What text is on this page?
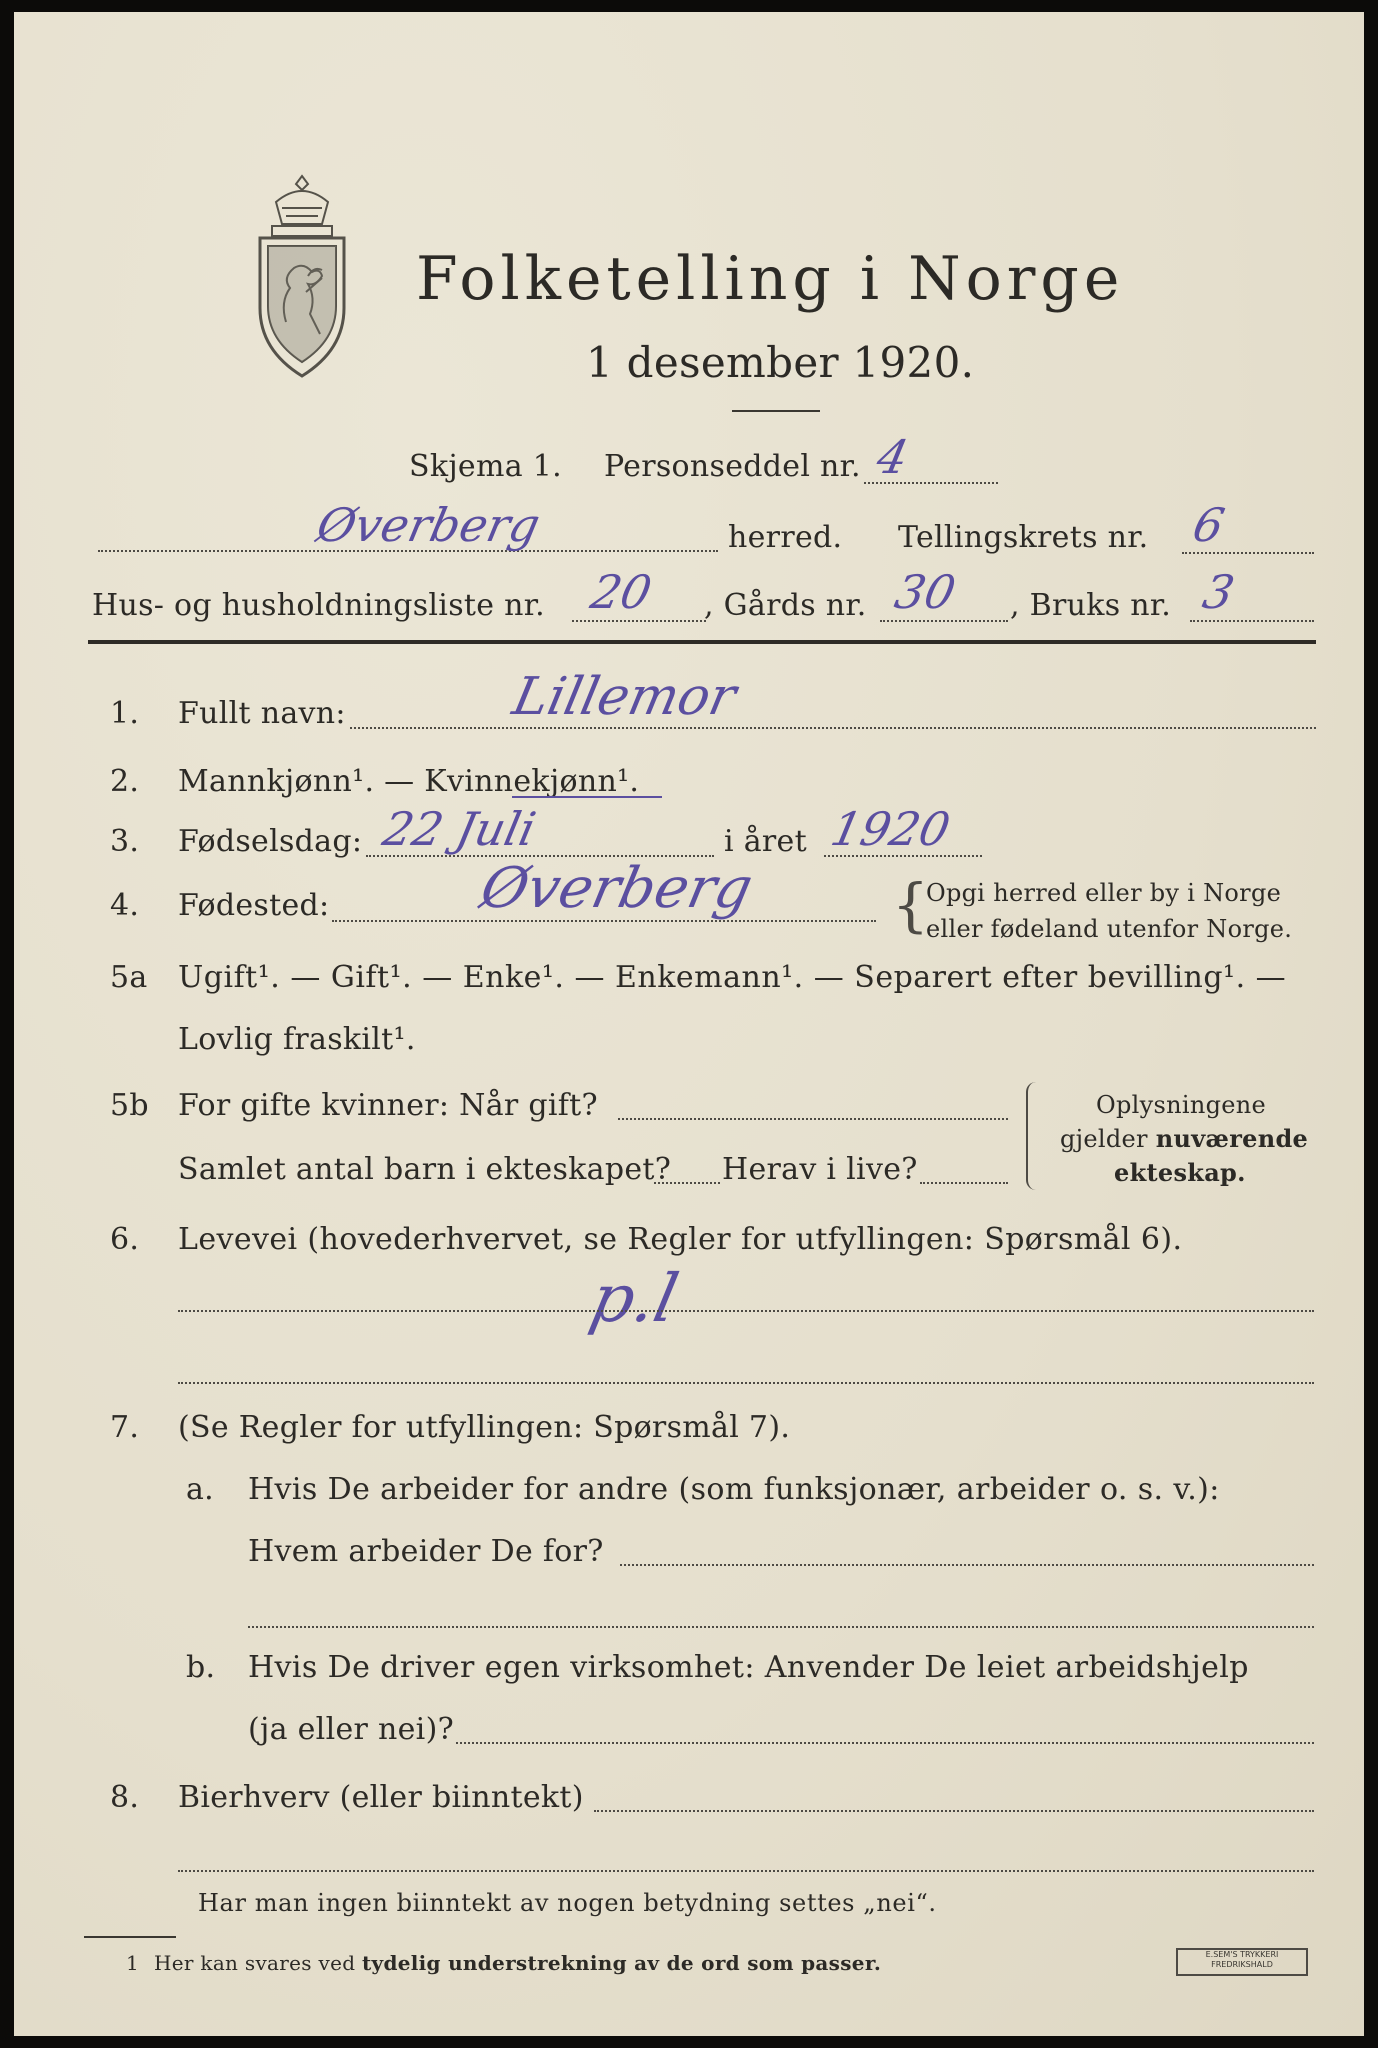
Folketelling i Norge
1 desember 1920.
Skjema 1. Personseddel nr. 4
Øverberg	herred. Tellingskrets nr. 6
Hus- og husholdningsliste nr. 20 , Gårds nr. 30 , Bruks nr. 3
1. Fullt navn:	Lillemor
2. Mannkjønn¹. — Kvinnekjønn¹.
3. Fødselsdag: 22 Juli	i året 1920
4. Fødested:	Øverberg {
Opgi herred eller by i Norge
eller fødeland utenfor Norge.
5a Ugift¹. — Gift¹. — Enke¹. — Enkemann¹. — Separert efter bevilling¹. —
Lovlig fraskilt¹.
5b For gifte kvinner: Når gift?
Samlet antal barn i ekteskapet? Herav i live?
Oplysningene
gjelder nuværende
ekteskap.
6. Levevei (hovederhvervet, se Regler for utfyllingen: Spørsmål 6).
p.l
7. (Se Regler for utfyllingen: Spørsmål 7).
a. Hvis De arbeider for andre (som funksjonær, arbeider o. s. v.):
Hvem arbeider De for?
b. Hvis De driver egen virksomhet: Anvender De leiet arbeidshjelp
(ja eller nei)?
8. Bierhverv (eller biinntekt)
Har man ingen biinntekt av nogen betydning settes „nei“.
1 Her kan svares ved tydelig understrekning av de ord som passer.	E.SEM'S TRYKKERI FREDRIKSHALD
